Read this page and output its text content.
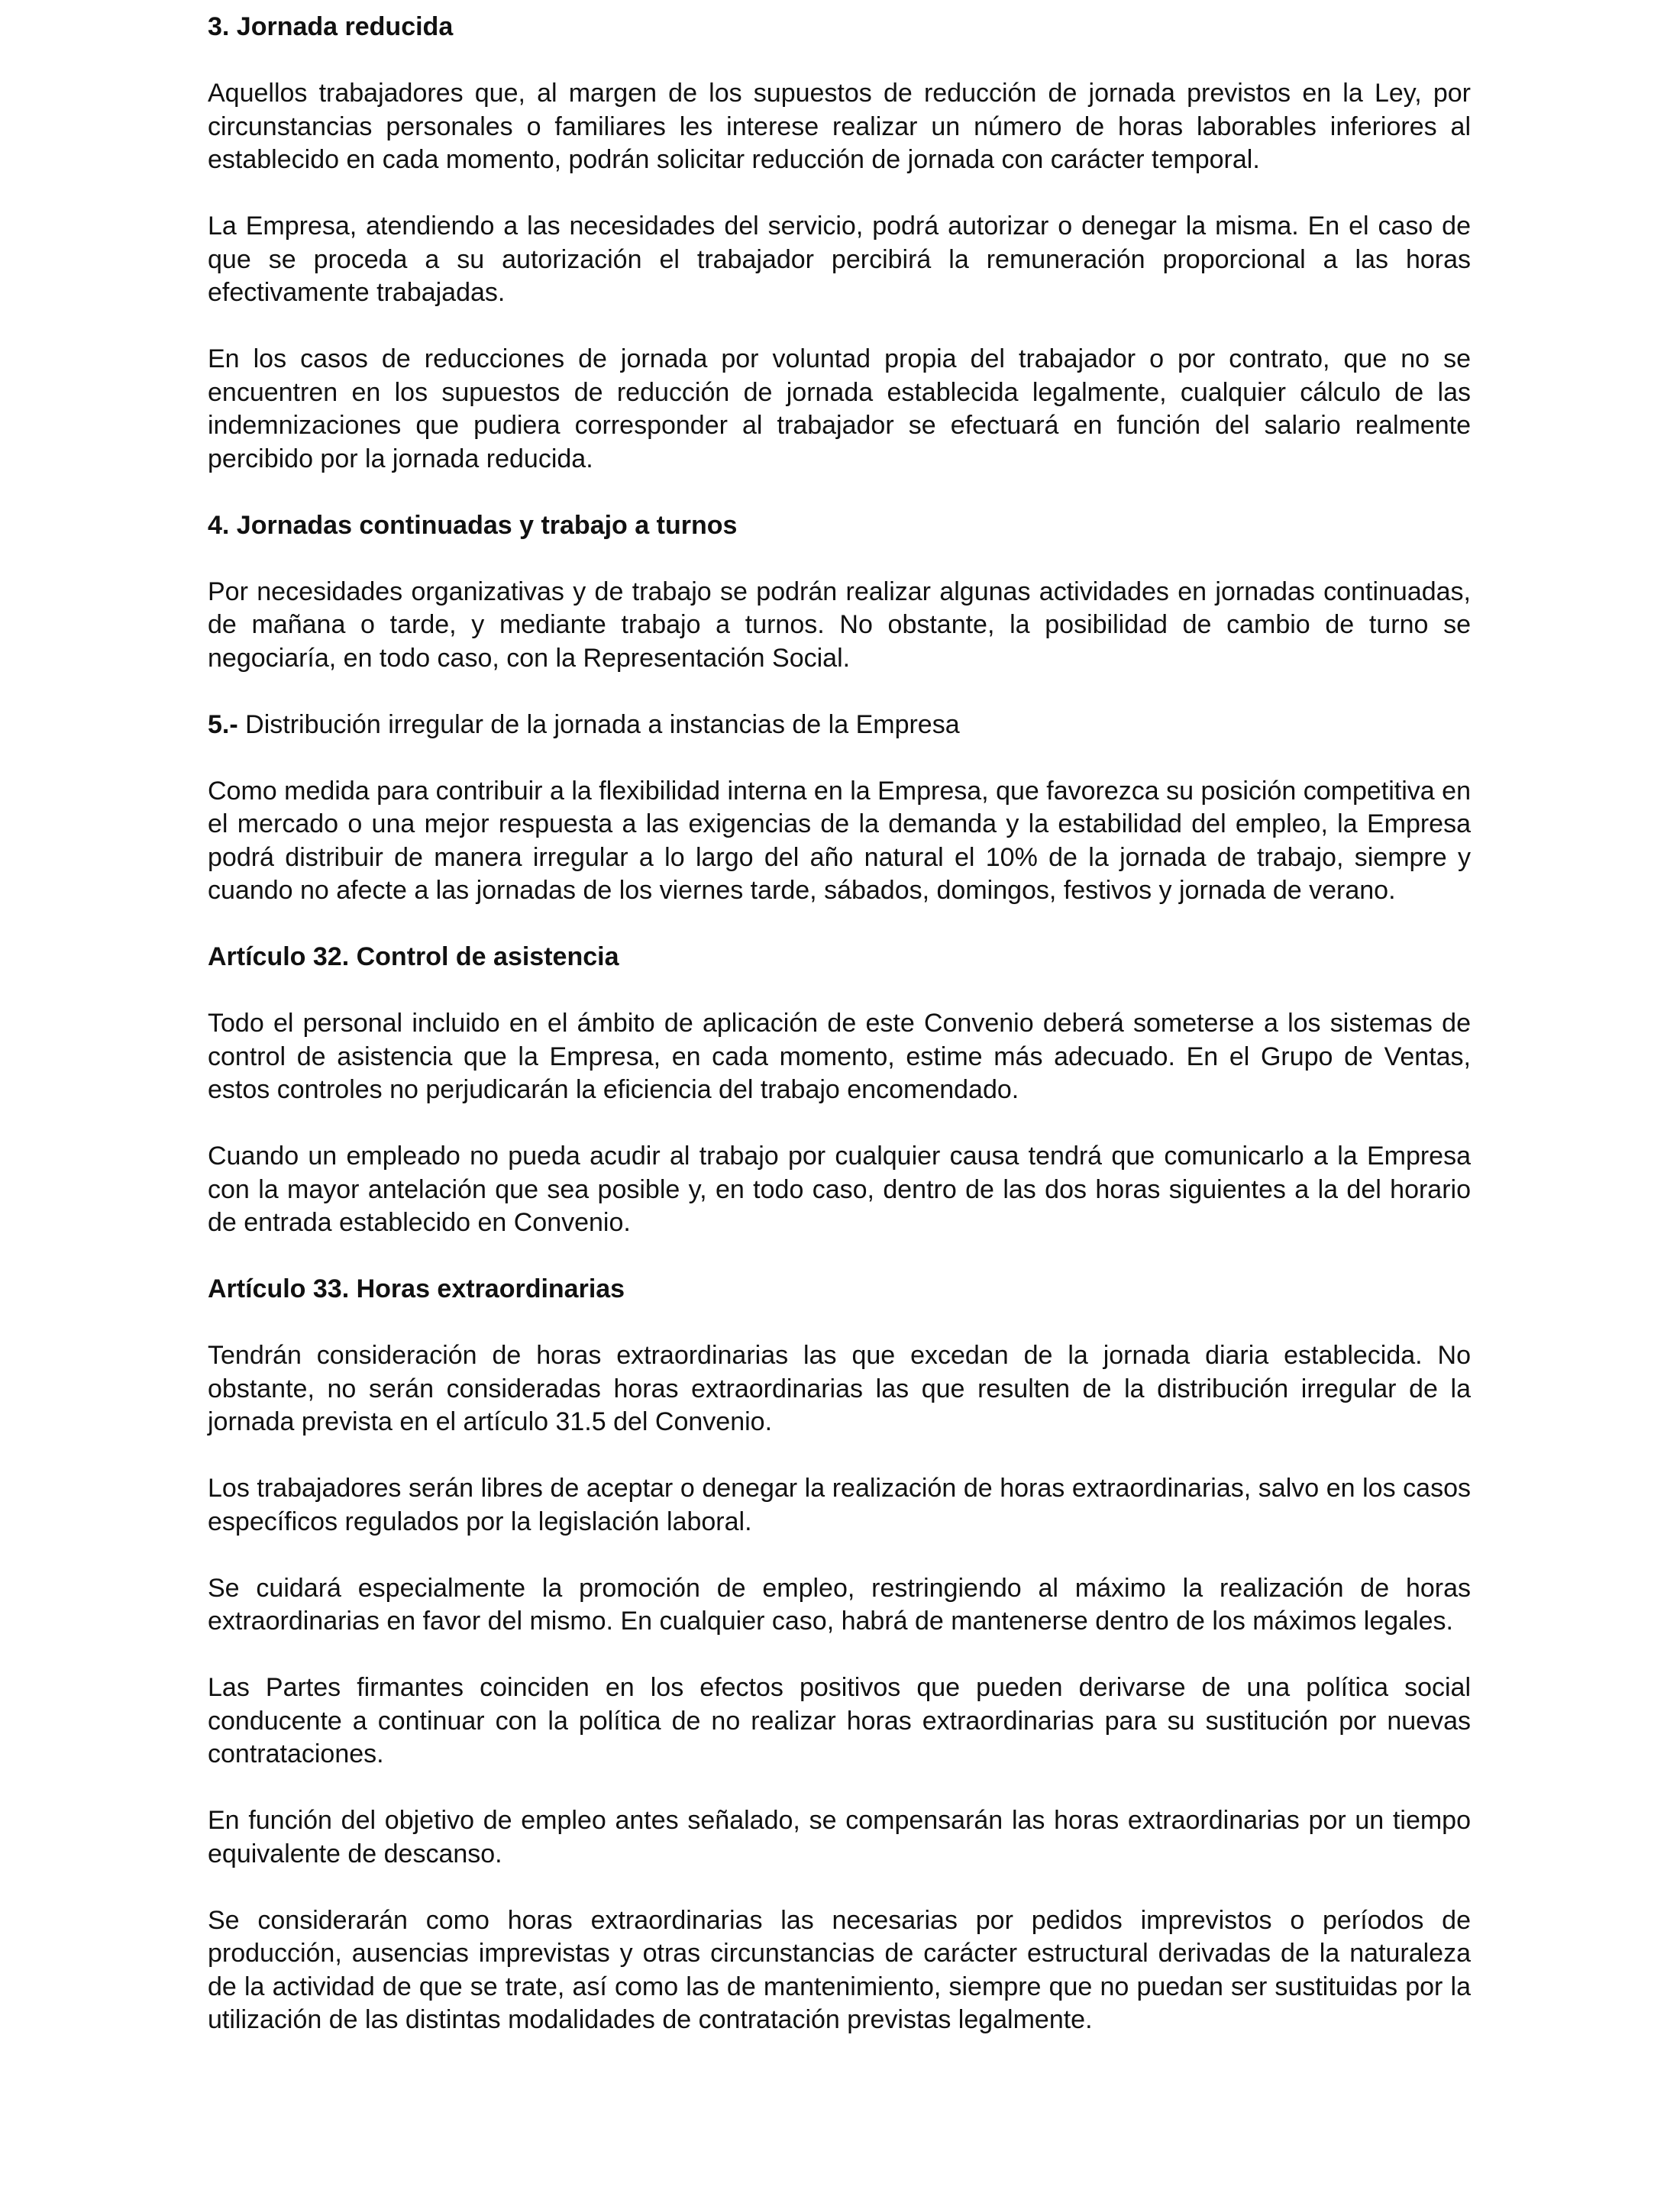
3. Jornada reducida

Aquellos trabajadores que, al margen de los supuestos de reducción de jornada previstos en la Ley, por circunstancias personales o familiares les interese realizar un número de horas laborables inferiores al establecido en cada momento, podrán solicitar reducción de jornada con carácter temporal.

La Empresa, atendiendo a las necesidades del servicio, podrá autorizar o denegar la misma. En el caso de que se proceda a su autorización el trabajador percibirá la remuneración proporcional a las horas efectivamente trabajadas.

En los casos de reducciones de jornada por voluntad propia del trabajador o por contrato, que no se encuentren en los supuestos de reducción de jornada establecida legalmente, cualquier cálculo de las indemnizaciones que pudiera corresponder al trabajador se efectuará en función del salario realmente percibido por la jornada reducida.

4. Jornadas continuadas y trabajo a turnos

Por necesidades organizativas y de trabajo se podrán realizar algunas actividades en jornadas continuadas, de mañana o tarde, y mediante trabajo a turnos. No obstante, la posibilidad de cambio de turno se negociaría, en todo caso, con la Representación Social.

5.- Distribución irregular de la jornada a instancias de la Empresa

Como medida para contribuir a la flexibilidad interna en la Empresa, que favorezca su posición competitiva en el mercado o una mejor respuesta a las exigencias de la demanda y la estabilidad del empleo, la Empresa podrá distribuir de manera irregular a lo largo del año natural el 10% de la jornada de trabajo, siempre y cuando no afecte a las jornadas de los viernes tarde, sábados, domingos, festivos y jornada de verano.

Artículo 32. Control de asistencia

Todo el personal incluido en el ámbito de aplicación de este Convenio deberá someterse a los sistemas de control de asistencia que la Empresa, en cada momento, estime más adecuado. En el Grupo de Ventas, estos controles no perjudicarán la eficiencia del trabajo encomendado.

Cuando un empleado no pueda acudir al trabajo por cualquier causa tendrá que comunicarlo a la Empresa con la mayor antelación que sea posible y, en todo caso, dentro de las dos horas siguientes a la del horario de entrada establecido en Convenio.

Artículo 33. Horas extraordinarias

Tendrán consideración de horas extraordinarias las que excedan de la jornada diaria establecida. No obstante, no serán consideradas horas extraordinarias las que resulten de la distribución irregular de la jornada prevista en el artículo 31.5 del Convenio.

Los trabajadores serán libres de aceptar o denegar la realización de horas extraordinarias, salvo en los casos específicos regulados por la legislación laboral.

Se cuidará especialmente la promoción de empleo, restringiendo al máximo la realización de horas extraordinarias en favor del mismo. En cualquier caso, habrá de mantenerse dentro de los máximos legales.

Las Partes firmantes coinciden en los efectos positivos que pueden derivarse de una política social conducente a continuar con la política de no realizar horas extraordinarias para su sustitución por nuevas contrataciones.

En función del objetivo de empleo antes señalado, se compensarán las horas extraordinarias por un tiempo equivalente de descanso.

Se considerarán como horas extraordinarias las necesarias por pedidos imprevistos o períodos de producción, ausencias imprevistas y otras circunstancias de carácter estructural derivadas de la naturaleza de la actividad de que se trate, así como las de mantenimiento, siempre que no puedan ser sustituidas por la utilización de las distintas modalidades de contratación previstas legalmente.
